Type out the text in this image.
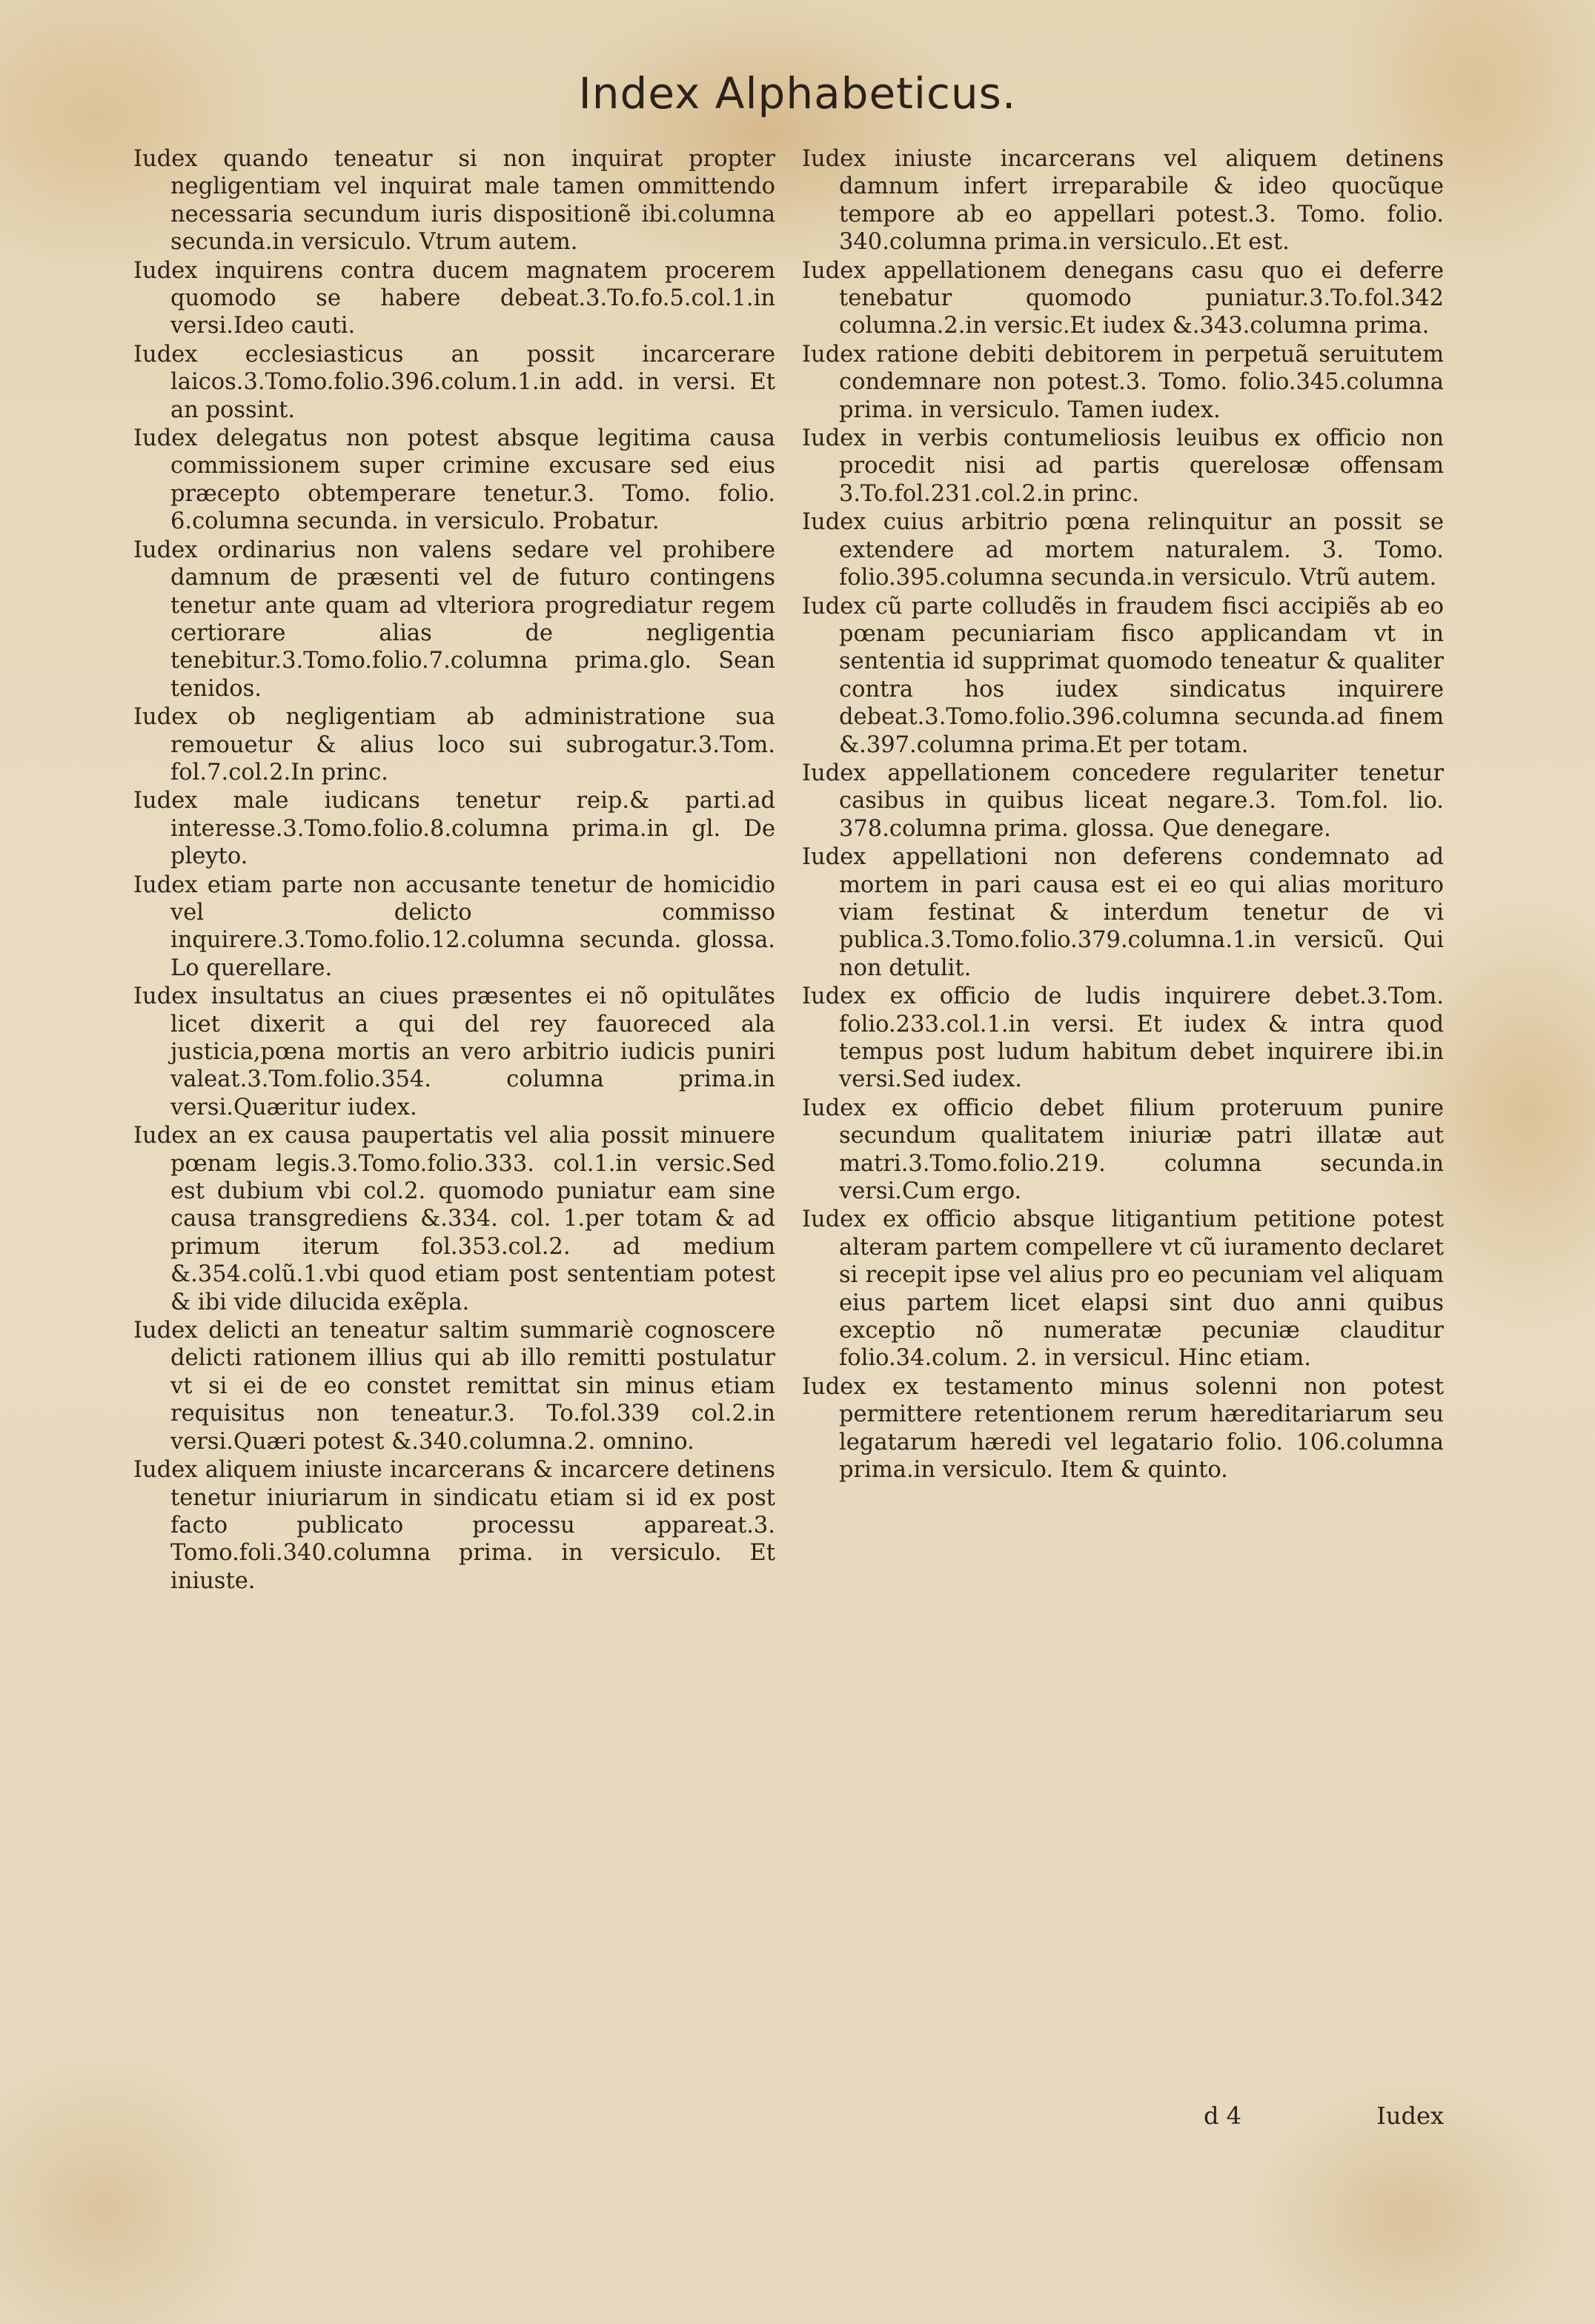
Index Alphabeticus.

Iudex quando teneatur si non inquirat propter negligentiam vel inquirat male tamen ommittendo necessaria secundum iuris dispositionẽ ibi.columna secunda.in versiculo. Vtrum autem.

Iudex inquirens contra ducem magnatem procerem quomodo se habere debeat.3.To.fo.5.col.1.in versi.Ideo cauti.

Iudex ecclesiasticus an possit incarcerare laicos.3.Tomo.folio.396.colum.1.in add. in versi. Et an possint.

Iudex delegatus non potest absque legitima causa commissionem super crimine excusare sed eius præcepto obtemperare tenetur.3. Tomo. folio. 6.columna secunda. in versiculo. Probatur.

Iudex ordinarius non valens sedare vel prohibere damnum de præsenti vel de futuro contingens tenetur ante quam ad vlteriora progrediatur regem certiorare alias de negligentia tenebitur.3.Tomo.folio.7.columna prima.glo. Sean tenidos.

Iudex ob negligentiam ab administratione sua remouetur & alius loco sui subrogatur.3.Tom. fol.7.col.2.In princ.

Iudex male iudicans tenetur reip.& parti.ad interesse.3.Tomo.folio.8.columna prima.in gl. De pleyto.

Iudex etiam parte non accusante tenetur de homicidio vel delicto commisso inquirere.3.Tomo.folio.12.columna secunda. glossa. Lo querellare.

Iudex insultatus an ciues præsentes ei nõ opitulãtes licet dixerit a qui del rey fauoreced ala justicia,pœna mortis an vero arbitrio iudicis puniri valeat.3.Tom.folio.354. columna prima.in versi.Quæritur iudex.

Iudex an ex causa paupertatis vel alia possit minuere pœnam legis.3.Tomo.folio.333. col.1.in versic.Sed est dubium vbi col.2. quomodo puniatur eam sine causa transgrediens &.334. col. 1.per totam & ad primum iterum fol.353.col.2. ad medium &.354.colũ.1.vbi quod etiam post sententiam potest & ibi vide dilucida exẽpla.

Iudex delicti an teneatur saltim summariè cognoscere delicti rationem illius qui ab illo remitti postulatur vt si ei de eo constet remittat sin minus etiam requisitus non teneatur.3. To.fol.339 col.2.in versi.Quæri potest &.340.columna.2. omnino.

Iudex aliquem iniuste incarcerans & incarcere detinens tenetur iniuriarum in sindicatu etiam si id ex post facto publicato processu appareat.3. Tomo.foli.340.columna prima. in versiculo. Et iniuste.

Iudex iniuste incarcerans vel aliquem detinens damnum infert irreparabile & ideo quocũque tempore ab eo appellari potest.3. Tomo. folio. 340.columna prima.in versiculo..Et est.

Iudex appellationem denegans casu quo ei deferre tenebatur quomodo puniatur.3.To.fol.342 columna.2.in versic.Et iudex &.343.columna prima.

Iudex ratione debiti debitorem in perpetuã seruitutem condemnare non potest.3. Tomo. folio.345.columna prima. in versiculo. Tamen iudex.

Iudex in verbis contumeliosis leuibus ex officio non procedit nisi ad partis querelosæ offensam 3.To.fol.231.col.2.in princ.

Iudex cuius arbitrio pœna relinquitur an possit se extendere ad mortem naturalem. 3. Tomo. folio.395.columna secunda.in versiculo. Vtrũ autem.

Iudex cũ parte colludẽs in fraudem fisci accipiẽs ab eo pœnam pecuniariam fisco applicandam vt in sententia id supprimat quomodo teneatur & qualiter contra hos iudex sindicatus inquirere debeat.3.Tomo.folio.396.columna secunda.ad finem &.397.columna prima.Et per totam.

Iudex appellationem concedere regulariter tenetur casibus in quibus liceat negare.3. Tom.fol. lio. 378.columna prima. glossa. Que denegare.

Iudex appellationi non deferens condemnato ad mortem in pari causa est ei eo qui alias morituro viam festinat & interdum tenetur de vi publica.3.Tomo.folio.379.columna.1.in versicũ. Qui non detulit.

Iudex ex officio de ludis inquirere debet.3.Tom. folio.233.col.1.in versi. Et iudex & intra quod tempus post ludum habitum debet inquirere ibi.in versi.Sed iudex.

Iudex ex officio debet filium proteruum punire secundum qualitatem iniuriæ patri illatæ aut matri.3.Tomo.folio.219. columna secunda.in versi.Cum ergo.

Iudex ex officio absque litigantium petitione potest alteram partem compellere vt cũ iuramento declaret si recepit ipse vel alius pro eo pecuniam vel aliquam eius partem licet elapsi sint duo anni quibus exceptio nõ numeratæ pecuniæ clauditur folio.34.colum. 2. in versicul. Hinc etiam.

Iudex ex testamento minus solenni non potest permittere retentionem rerum hæreditariarum seu legatarum hæredi vel legatario folio. 106.columna prima.in versiculo. Item & quinto.

d 4	Iudex
